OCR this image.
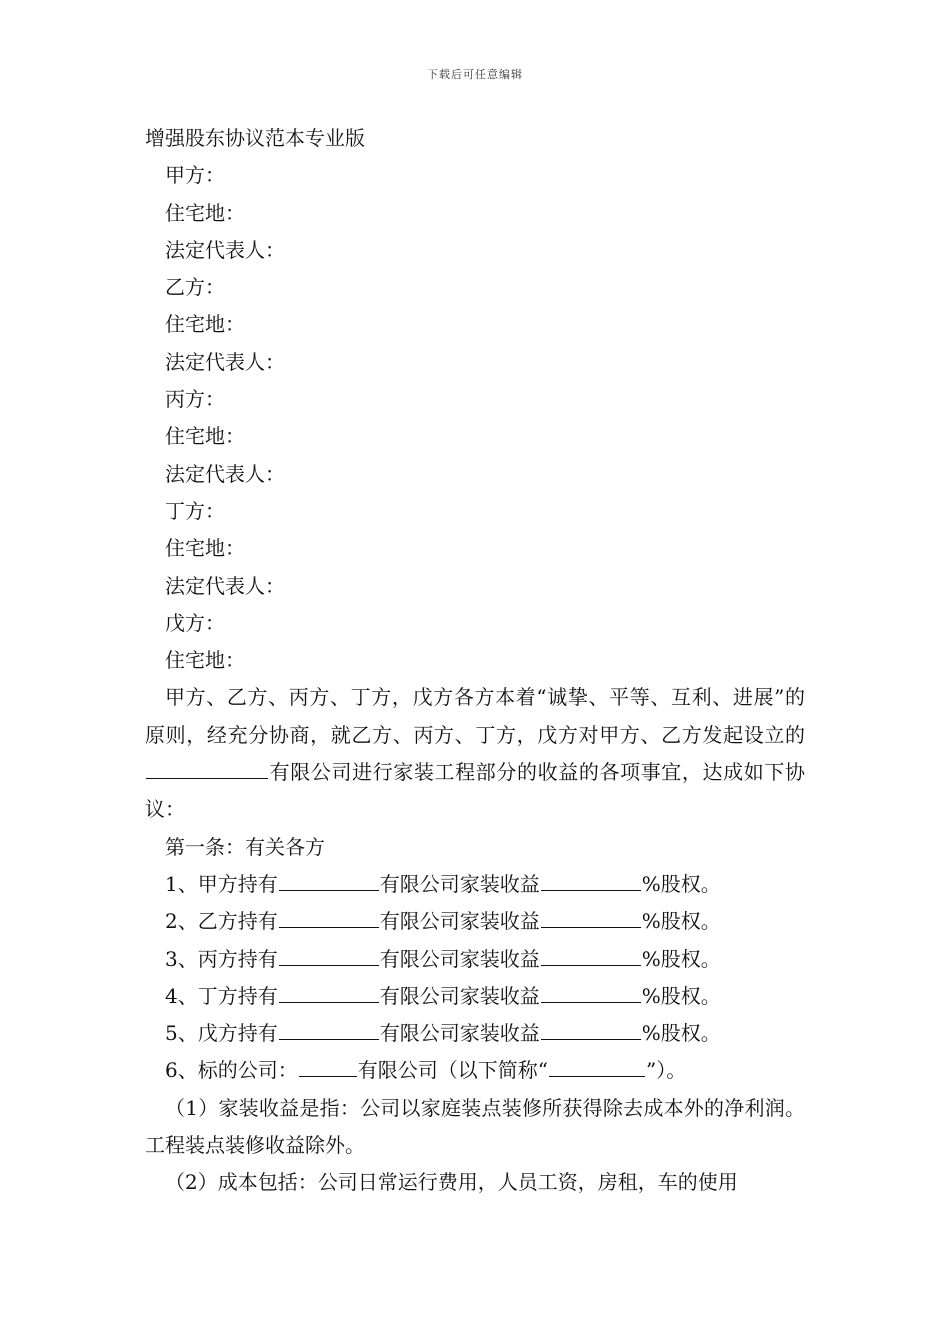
下载后可任意编辑
增强股东协议范本专业版
甲方：
住宅地：
法定代表人：
乙方：
住宅地：
法定代表人：
丙方：
住宅地：
法定代表人：
丁方：
住宅地：
法定代表人：
戊方：
住宅地：
甲方、乙方、丙方、丁方，戊方各方本着“诚挚、平等、互利、进展”的原则，经充分协商，就乙方、丙方、丁方，戊方对甲方、乙方发起设立的有限公司进行家装工程部分的收益的各项事宜，达成如下协议：
第一条：有关各方
1、甲方持有	有限公司家装收益	%股权。
2、乙方持有	有限公司家装收益	%股权。
3、丙方持有	有限公司家装收益	%股权。
4、丁方持有	有限公司家装收益	%股权。
5、戊方持有	有限公司家装收益	%股权。
6、标的公司：	有限公司（以下简称“	”）。
（1）家装收益是指：公司以家庭装点装修所获得除去成本外的净利润。工程装点装修收益除外。
（2）成本包括：公司日常运行费用，人员工资，房租，车的使用
